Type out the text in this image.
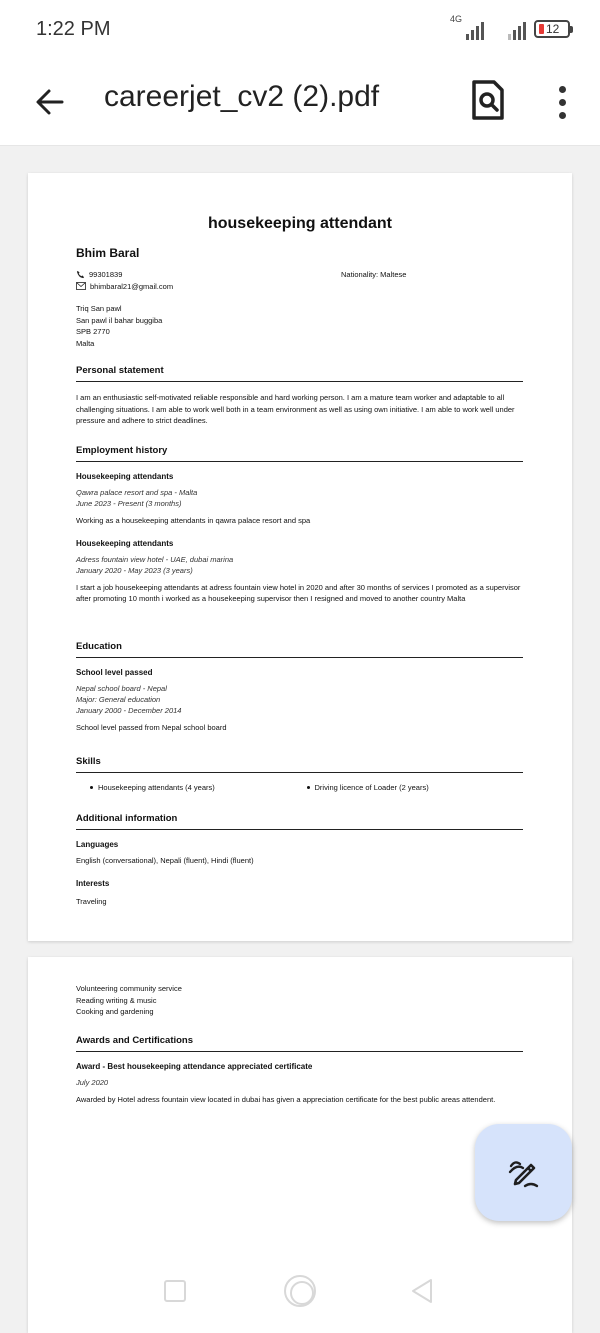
1:22 PM	4G
12
careerjet_cv2 (2).pdf
housekeeping attendant
Bhim Baral
99301839
bhimbaral21@gmail.com
Nationality: Maltese
Triq San pawl
San pawl il bahar buggiba
SPB 2770
Malta
Personal statement
I am an enthusiastic self-motivated reliable responsible and hard working person. I am a mature team worker and adaptable to all challenging situations. I am able to work well both in a team environment as well as using own initiative. I am able to work well under pressure and adhere to strict deadlines.
Employment history
Housekeeping attendants
Qawra palace resort and spa - Malta
June 2023 - Present (3 months)
Working as a housekeeping attendants in qawra palace resort and spa
Housekeeping attendants
Adress fountain view hotel - UAE, dubai marina
January 2020 - May 2023 (3 years)
I start a job housekeeping attendants at adress fountain view hotel in 2020 and after 30 months of services I promoted as a supervisor after promoting 10 month i worked as a housekeeping supervisor then I resigned and moved to another country Malta
Education
School level passed
Nepal school board - Nepal
Major: General education
January 2000 - December 2014
School level passed from Nepal school board
Skills
Housekeeping attendants (4 years)	Driving licence of Loader (2 years)
Additional information
Languages
English (conversational), Nepali (fluent), Hindi (fluent)
Interests
Traveling
Volunteering community service
Reading writing & music
Cooking and gardening
Awards and Certifications
Award - Best housekeeping attendance appreciated certificate
July 2020
Awarded by Hotel adress fountain view located in dubai has given a appreciation certificate for the best public areas attendent.
